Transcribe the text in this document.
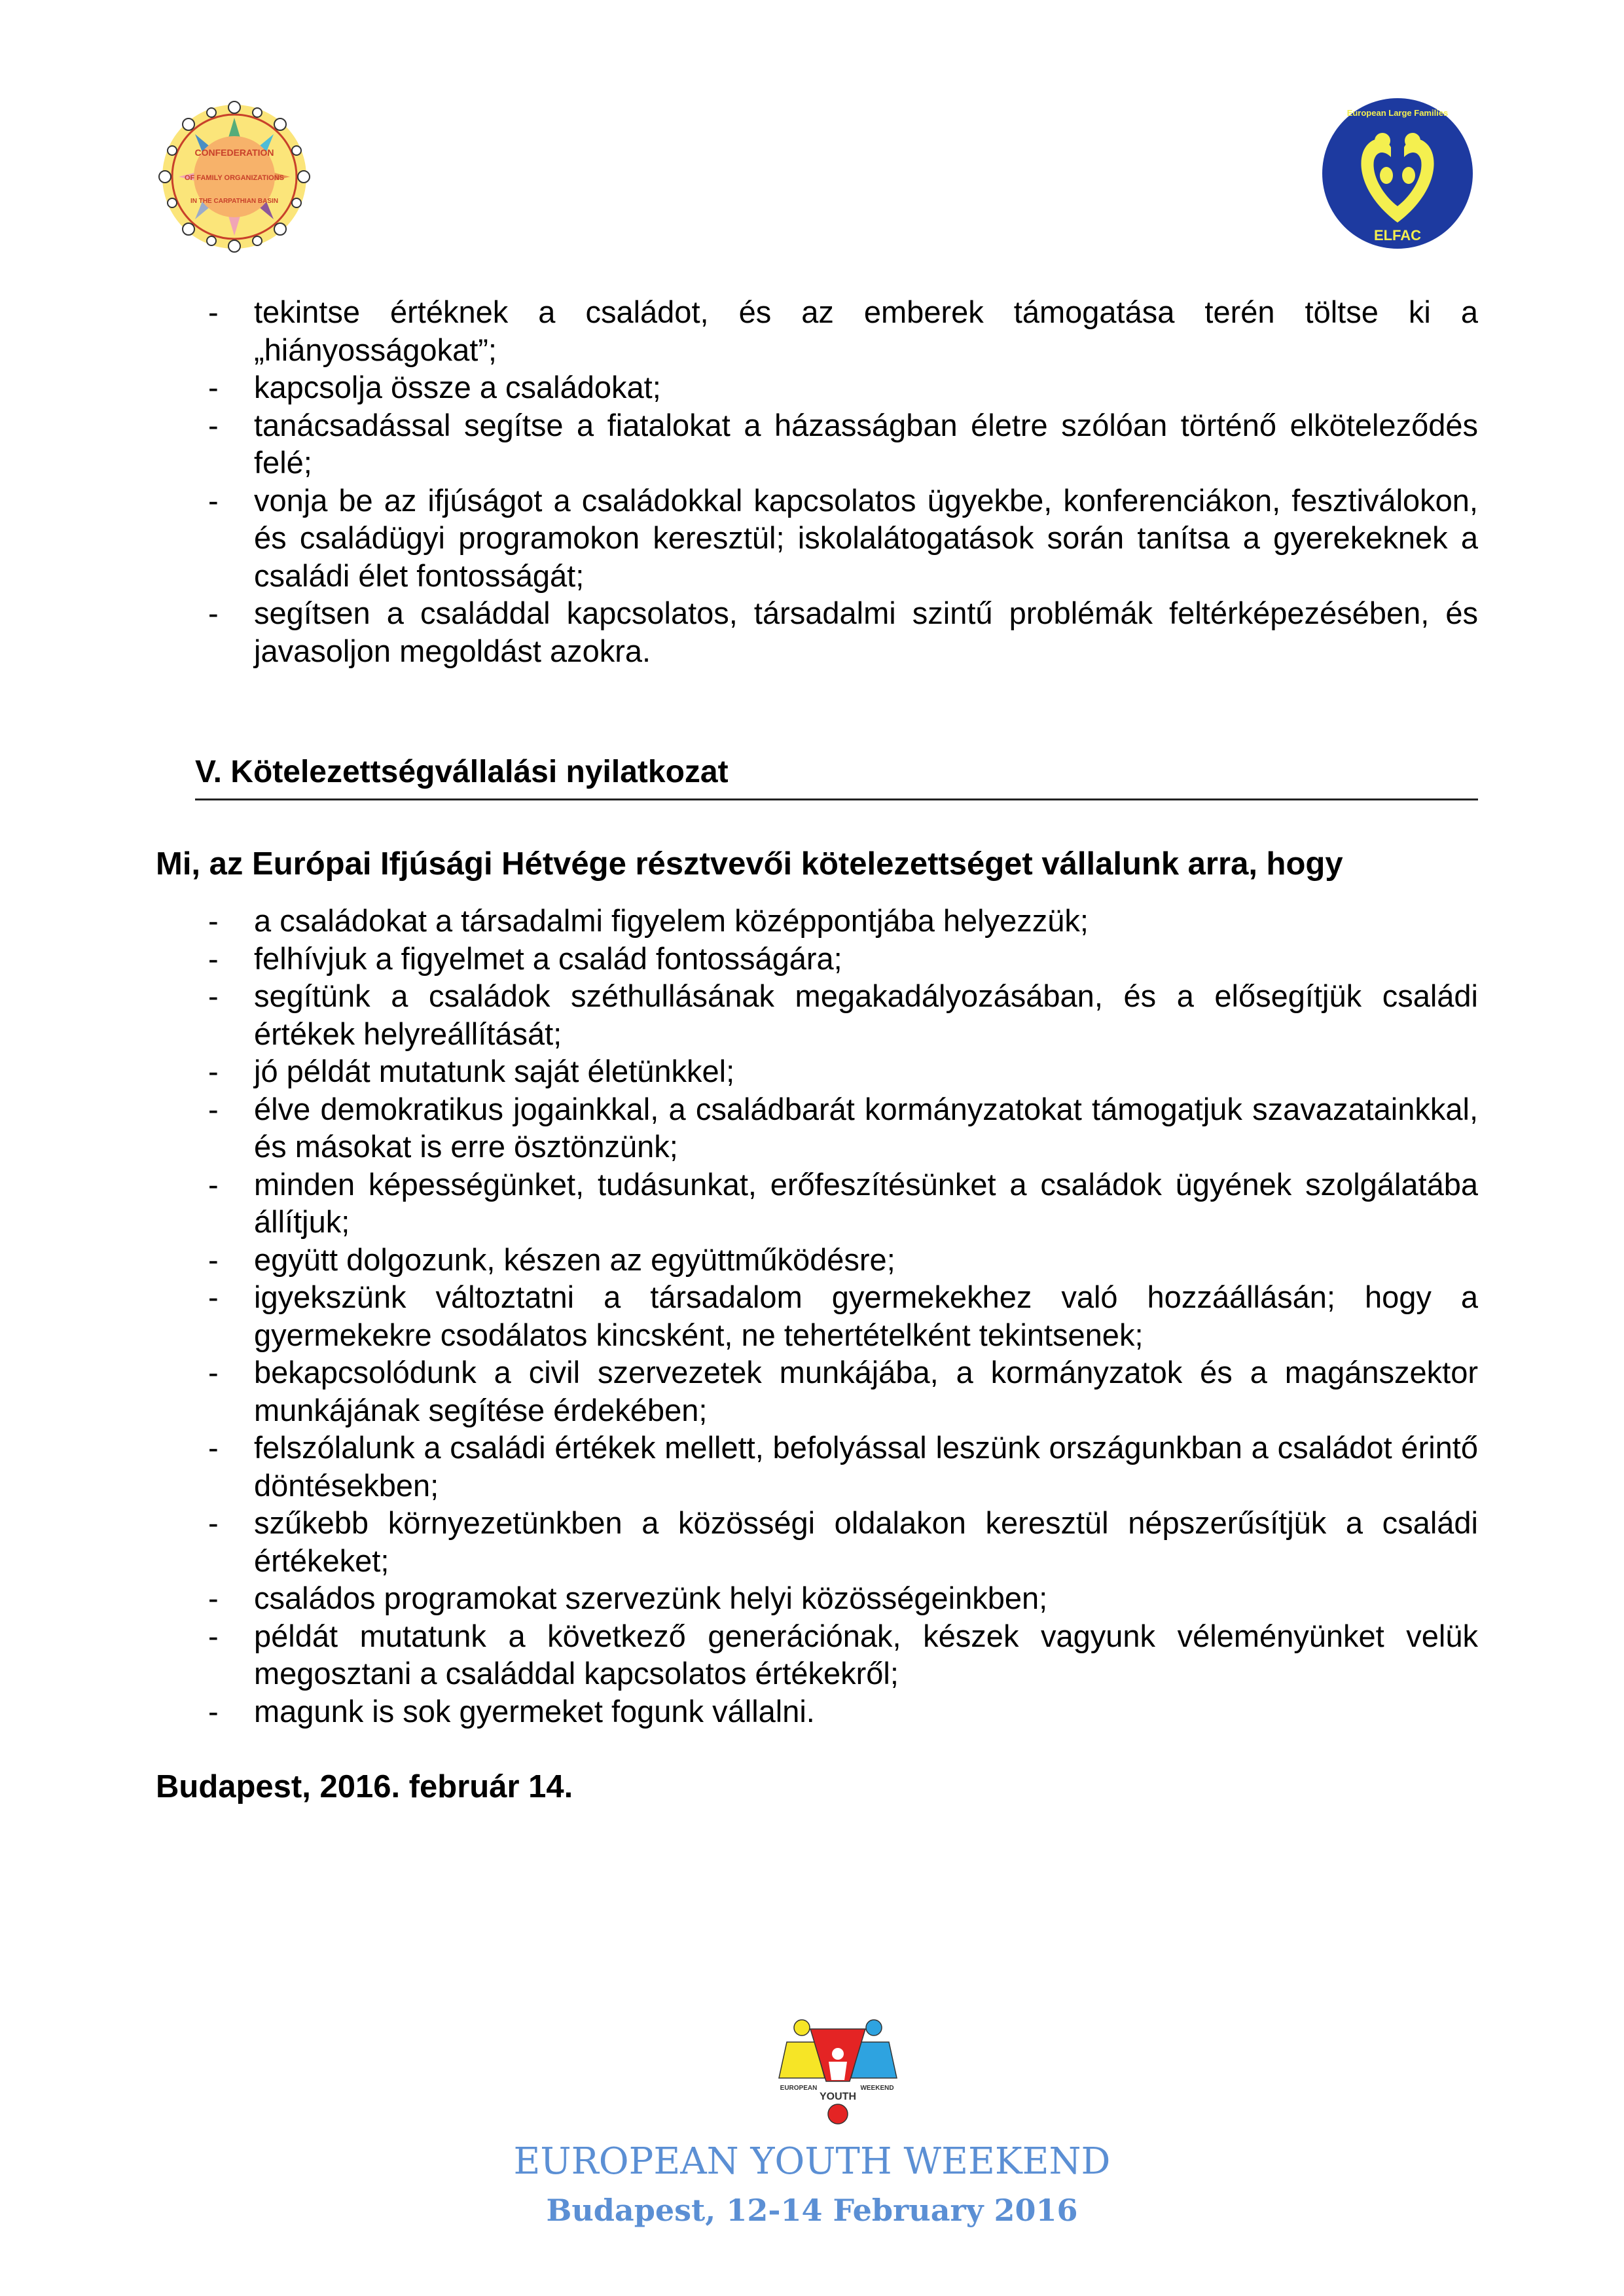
CONFEDERATION
OF FAMILY ORGANIZATIONS
IN THE CARPATHIAN BASIN
ELFAC
European Large Families
- tekintse értéknek a családot, és az emberek támogatása terén töltse ki a „hiányosságokat”;
- kapcsolja össze a családokat;
- tanácsadással segítse a fiatalokat a házasságban életre szólóan történő elköteleződés felé;
- vonja be az ifjúságot a családokkal kapcsolatos ügyekbe, konferenciákon, fesztiválokon, és családügyi programokon keresztül; iskolalátogatások során tanítsa a gyerekeknek a családi élet fontosságát;
- segítsen a családdal kapcsolatos, társadalmi szintű problémák feltérképezésében, és javasoljon megoldást azokra.
V. Kötelezettségvállalási nyilatkozat
Mi, az Európai Ifjúsági Hétvége résztvevői kötelezettséget vállalunk arra, hogy
- a családokat a társadalmi figyelem középpontjába helyezzük;
- felhívjuk a figyelmet a család fontosságára;
- segítünk a családok széthullásának megakadályozásában, és a elősegítjük családi értékek helyreállítását;
- jó példát mutatunk saját életünkkel;
- élve demokratikus jogainkkal, a családbarát kormányzatokat támogatjuk szavazatainkkal, és másokat is erre ösztönzünk;
- minden képességünket, tudásunkat, erőfeszítésünket a családok ügyének szolgálatába állítjuk;
- együtt dolgozunk, készen az együttműködésre;
- igyekszünk változtatni a társadalom gyermekekhez való hozzáállásán; hogy a gyermekekre csodálatos kincsként, ne tehertételként tekintsenek;
- bekapcsolódunk a civil szervezetek munkájába, a kormányzatok és a magánszektor munkájának segítése érdekében;
- felszólalunk a családi értékek mellett, befolyással leszünk országunkban a családot érintő döntésekben;
- szűkebb környezetünkben a közösségi oldalakon keresztül népszerűsítjük a családi értékeket;
- családos programokat szervezünk helyi közösségeinkben;
- példát mutatunk a következő generációnak, készek vagyunk véleményünket velük megosztani a családdal kapcsolatos értékekről;
- magunk is sok gyermeket fogunk vállalni.
Budapest, 2016. február 14.
EUROPEAN	WEEKEND
YOUTH
EUROPEAN YOUTH WEEKEND
Budapest, 12-14 February 2016
